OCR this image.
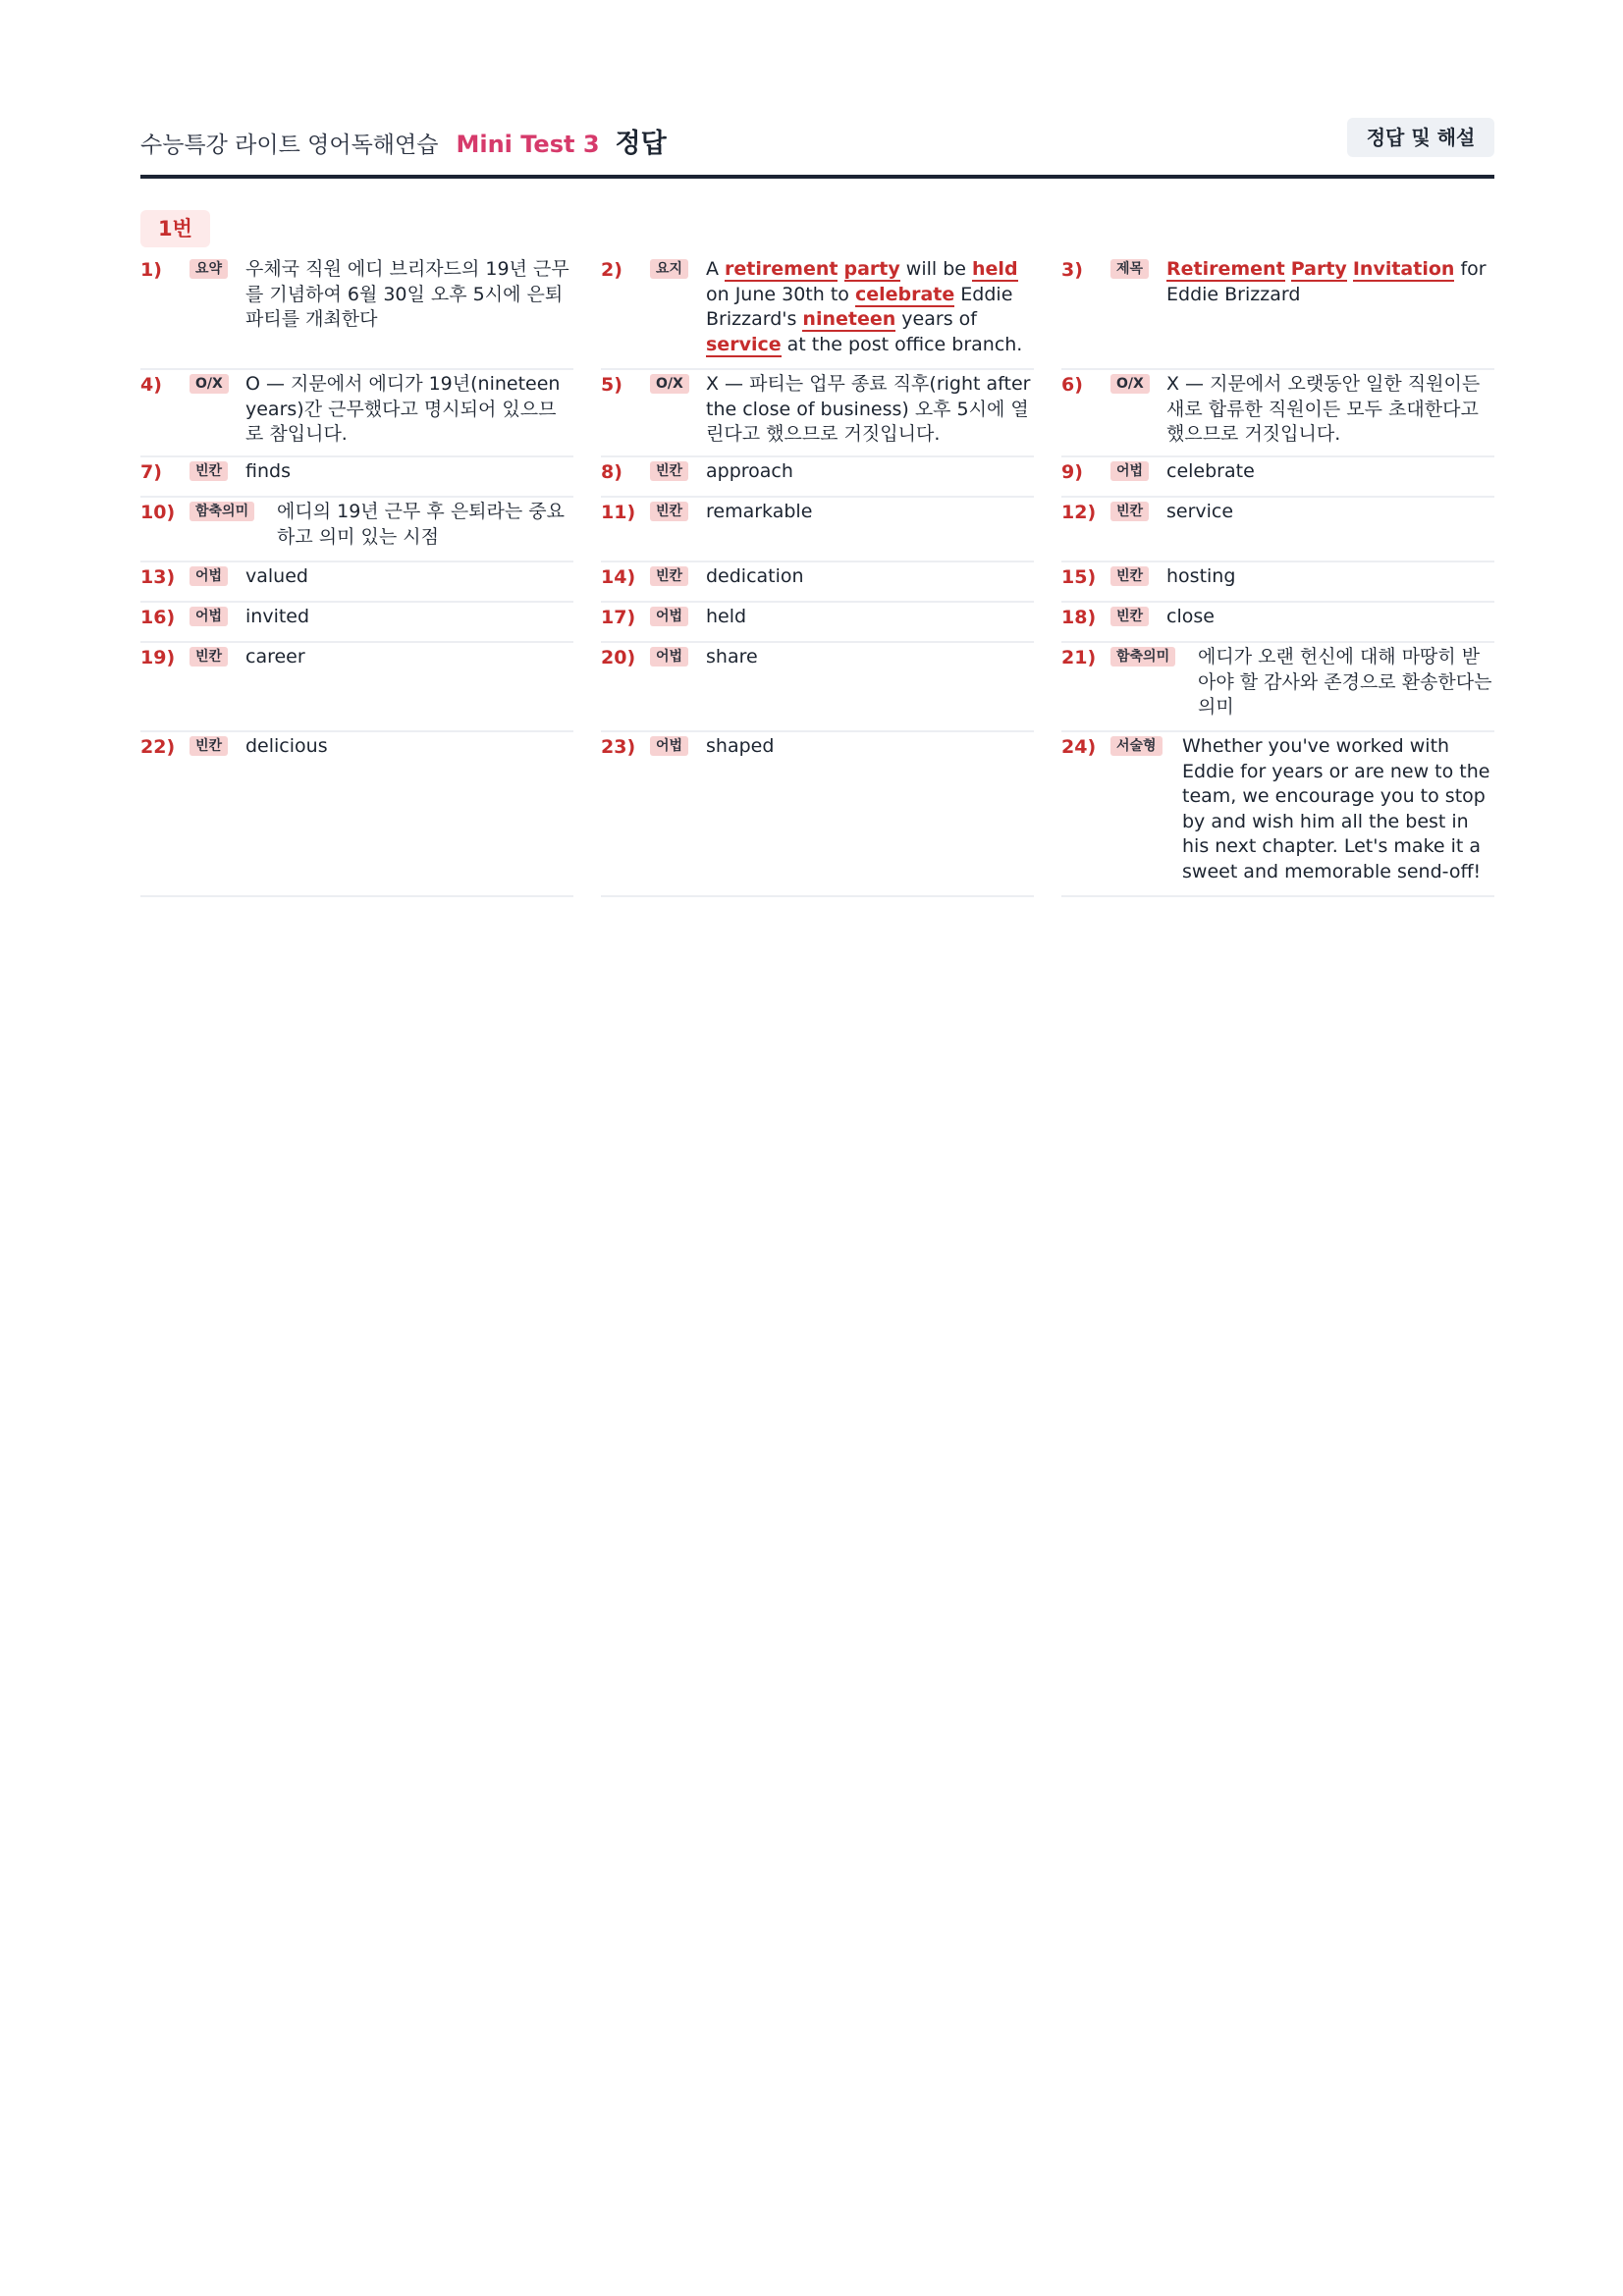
수능특강 라이트 영어독해연습 Mini Test 3 정답	정답 및 해설
1번
1)	요약	우체국 직원 에디 브리자드의 19년 근무를 기념하여 6월 30일 오후 5시에 은퇴 파티를 개최한다
2)	요지	A retirement party will be held on June 30th to celebrate Eddie Brizzard's nineteen years of service at the post office branch.
3)	제목	Retirement Party Invitation for Eddie Brizzard
4)	O/X	O — 지문에서 에디가 19년(nineteen years)간 근무했다고 명시되어 있으므로 참입니다.
5)	O/X	X — 파티는 업무 종료 직후(right after the close of business) 오후 5시에 열린다고 했으므로 거짓입니다.
6)	O/X	X — 지문에서 오랫동안 일한 직원이든 새로 합류한 직원이든 모두 초대한다고 했으므로 거짓입니다.
7)	빈칸	finds	8)	빈칸	approach	9)	어법	celebrate
10)	함축의미	에디의 19년 근무 후 은퇴라는 중요하고 의미 있는 시점
11)	빈칸	remarkable	12)	빈칸	service
13)	어법	valued	14)	빈칸	dedication	15)	빈칸	hosting
16)	어법	invited	17)	어법	held	18)	빈칸	close
19)	빈칸	career	20)	어법	share	21)	함축의미	에디가 오랜 헌신에 대해 마땅히 받아야 할 감사와 존경으로 환송한다는 의미
22)	빈칸	delicious	23)	어법	shaped	24)	서술형	Whether you've worked with Eddie for years or are new to the team, we encourage you to stop by and wish him all the best in his next chapter. Let's make it a sweet and memorable send-off!
